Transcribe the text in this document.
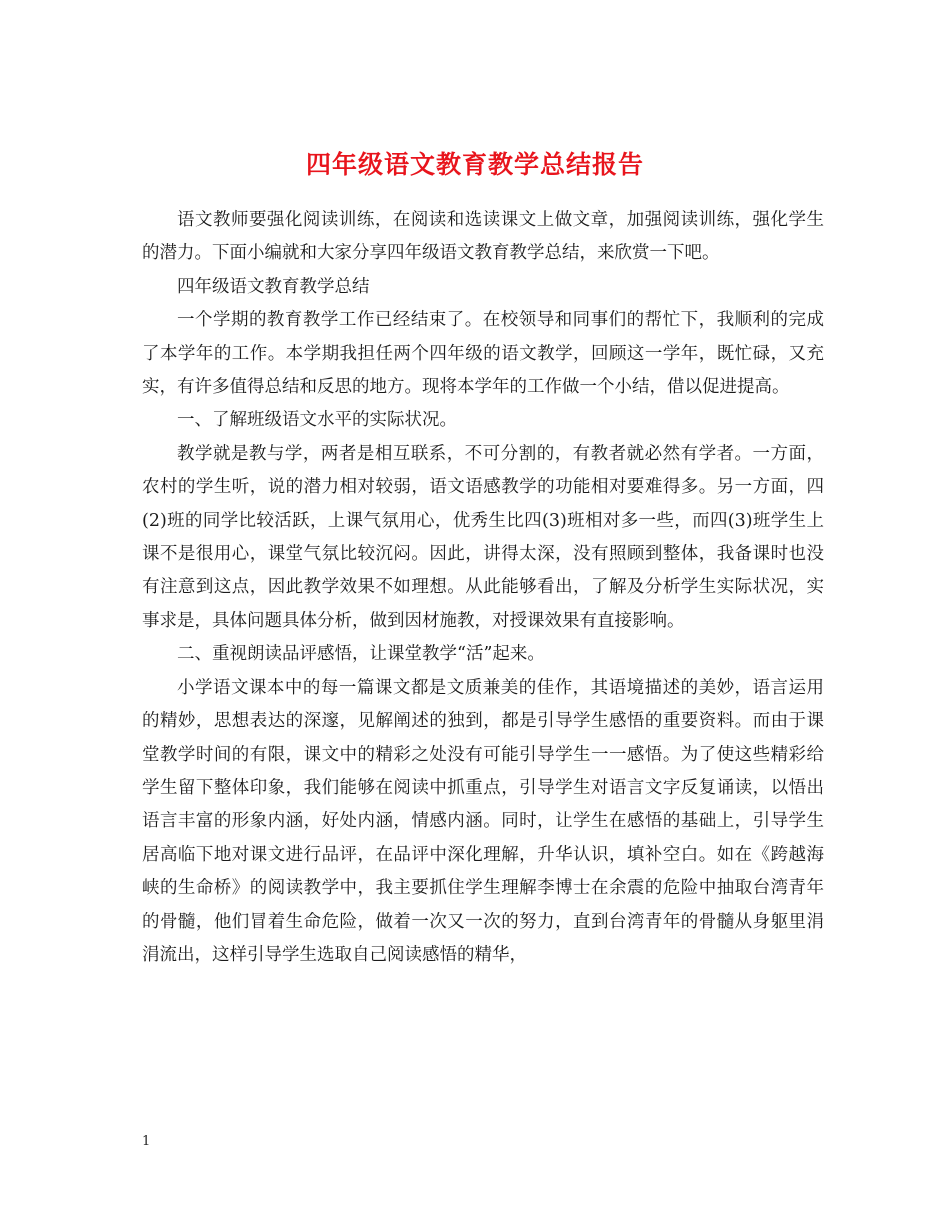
四年级语文教育教学总结报告

语文教师要强化阅读训练，在阅读和选读课文上做文章，加强阅读训练，强化学生的潜力。下面小编就和大家分享四年级语文教育教学总结，来欣赏一下吧。

四年级语文教育教学总结

一个学期的教育教学工作已经结束了。在校领导和同事们的帮忙下，我顺利的完成了本学年的工作。本学期我担任两个四年级的语文教学，回顾这一学年，既忙碌，又充实，有许多值得总结和反思的地方。现将本学年的工作做一个小结，借以促进提高。

一、了解班级语文水平的实际状况。

教学就是教与学，两者是相互联系，不可分割的，有教者就必然有学者。一方面，农村的学生听，说的潜力相对较弱，语文语感教学的功能相对要难得多。另一方面，四(2)班的同学比较活跃，上课气氛用心，优秀生比四(3)班相对多一些，而四(3)班学生上课不是很用心，课堂气氛比较沉闷。因此，讲得太深，没有照顾到整体，我备课时也没有注意到这点，因此教学效果不如理想。从此能够看出，了解及分析学生实际状况，实事求是，具体问题具体分析，做到因材施教，对授课效果有直接影响。

二、重视朗读品评感悟，让课堂教学“活”起来。

小学语文课本中的每一篇课文都是文质兼美的佳作，其语境描述的美妙，语言运用的精妙，思想表达的深邃，见解阐述的独到，都是引导学生感悟的重要资料。而由于课堂教学时间的有限，课文中的精彩之处没有可能引导学生一一感悟。为了使这些精彩给学生留下整体印象，我们能够在阅读中抓重点，引导学生对语言文字反复诵读，以悟出语言丰富的形象内涵，好处内涵，情感内涵。同时，让学生在感悟的基础上，引导学生居高临下地对课文进行品评，在品评中深化理解，升华认识，填补空白。如在《跨越海峡的生命桥》的阅读教学中，我主要抓住学生理解李博士在余震的危险中抽取台湾青年的骨髓，他们冒着生命危险，做着一次又一次的努力，直到台湾青年的骨髓从身躯里涓涓流出，这样引导学生选取自己阅读感悟的精华，

1
